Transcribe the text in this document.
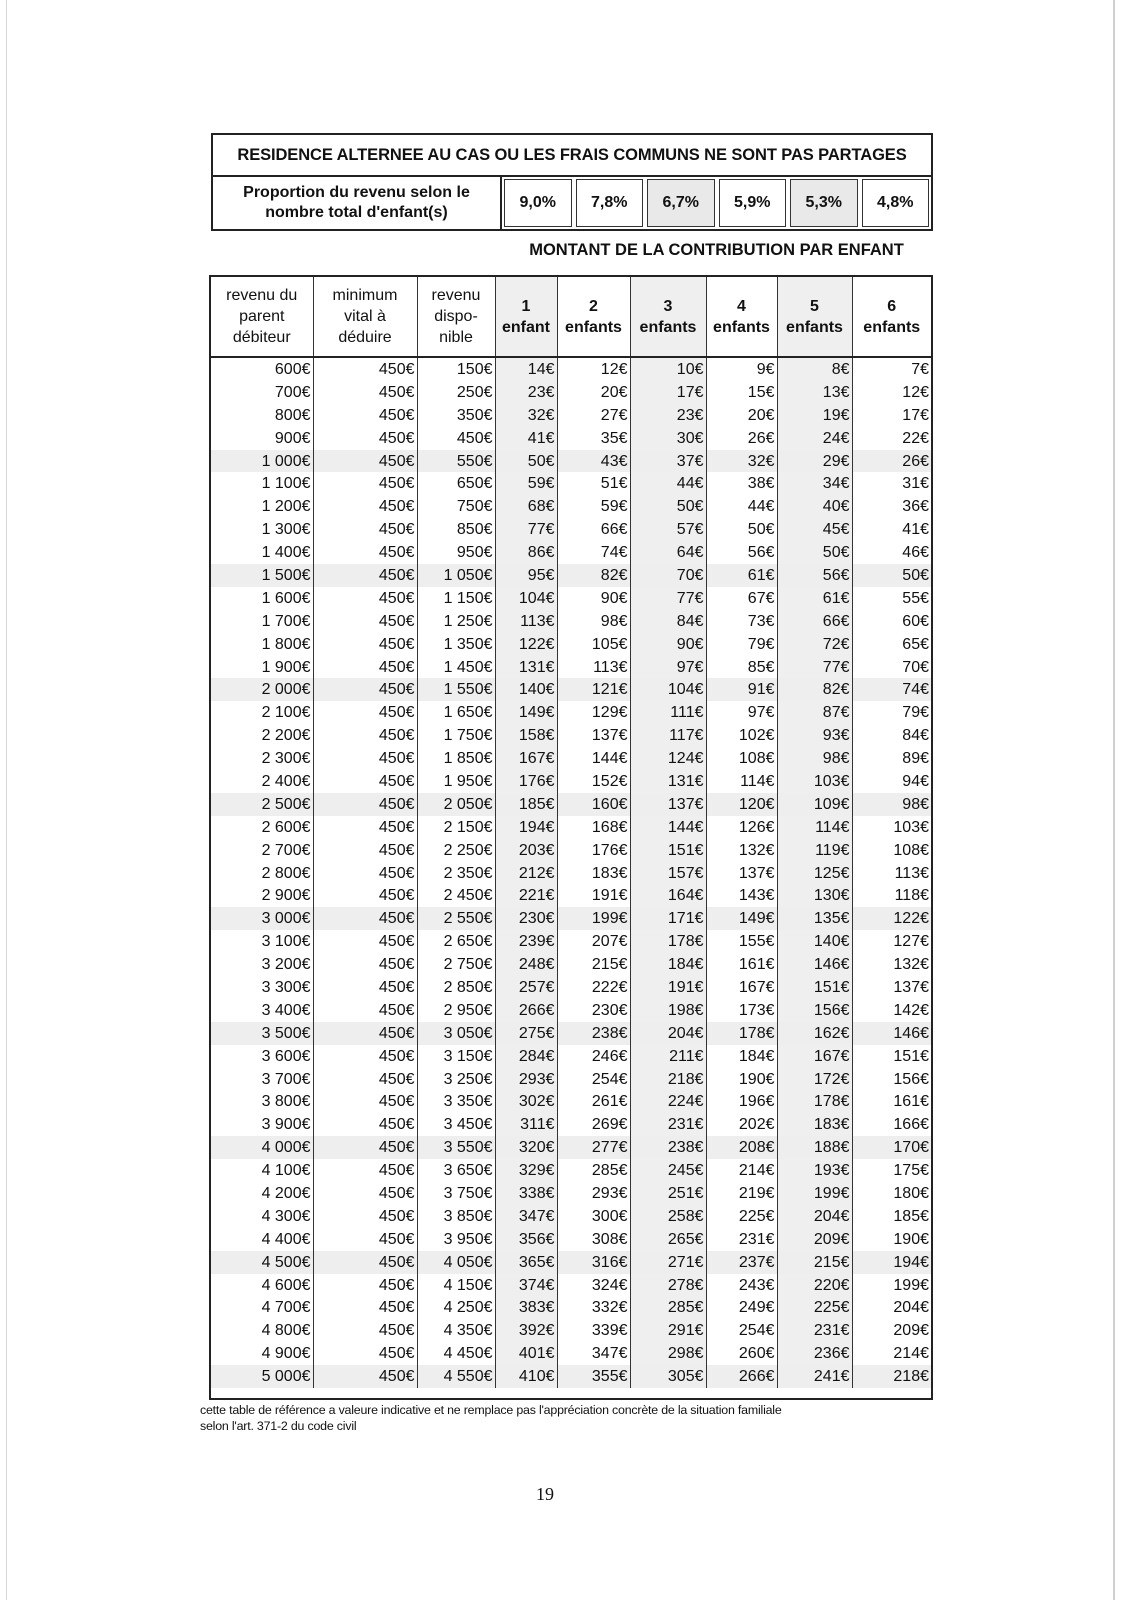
RESIDENCE ALTERNEE AU CAS OU LES FRAIS COMMUNS NE SONT PAS PARTAGES
Proportion du revenu selon le
nombre total d'enfant(s)
9,0%	7,8%	6,7%	5,9%	5,3%	4,8%
MONTANT DE LA CONTRIBUTION PAR ENFANT
revenu du
parent
débiteur	minimum
vital à
déduire	revenu
dispo-
nible	1
enfant	2
enfants	3
enfants	4
enfants	5
enfants	6
enfants

600€	450€	150€	14€	12€	10€	9€	8€	7€
700€	450€	250€	23€	20€	17€	15€	13€	12€
800€	450€	350€	32€	27€	23€	20€	19€	17€
900€	450€	450€	41€	35€	30€	26€	24€	22€
1 000€	450€	550€	50€	43€	37€	32€	29€	26€
1 100€	450€	650€	59€	51€	44€	38€	34€	31€
1 200€	450€	750€	68€	59€	50€	44€	40€	36€
1 300€	450€	850€	77€	66€	57€	50€	45€	41€
1 400€	450€	950€	86€	74€	64€	56€	50€	46€
1 500€	450€	1 050€	95€	82€	70€	61€	56€	50€
1 600€	450€	1 150€	104€	90€	77€	67€	61€	55€
1 700€	450€	1 250€	113€	98€	84€	73€	66€	60€
1 800€	450€	1 350€	122€	105€	90€	79€	72€	65€
1 900€	450€	1 450€	131€	113€	97€	85€	77€	70€
2 000€	450€	1 550€	140€	121€	104€	91€	82€	74€
2 100€	450€	1 650€	149€	129€	111€	97€	87€	79€
2 200€	450€	1 750€	158€	137€	117€	102€	93€	84€
2 300€	450€	1 850€	167€	144€	124€	108€	98€	89€
2 400€	450€	1 950€	176€	152€	131€	114€	103€	94€
2 500€	450€	2 050€	185€	160€	137€	120€	109€	98€
2 600€	450€	2 150€	194€	168€	144€	126€	114€	103€
2 700€	450€	2 250€	203€	176€	151€	132€	119€	108€
2 800€	450€	2 350€	212€	183€	157€	137€	125€	113€
2 900€	450€	2 450€	221€	191€	164€	143€	130€	118€
3 000€	450€	2 550€	230€	199€	171€	149€	135€	122€
3 100€	450€	2 650€	239€	207€	178€	155€	140€	127€
3 200€	450€	2 750€	248€	215€	184€	161€	146€	132€
3 300€	450€	2 850€	257€	222€	191€	167€	151€	137€
3 400€	450€	2 950€	266€	230€	198€	173€	156€	142€
3 500€	450€	3 050€	275€	238€	204€	178€	162€	146€
3 600€	450€	3 150€	284€	246€	211€	184€	167€	151€
3 700€	450€	3 250€	293€	254€	218€	190€	172€	156€
3 800€	450€	3 350€	302€	261€	224€	196€	178€	161€
3 900€	450€	3 450€	311€	269€	231€	202€	183€	166€
4 000€	450€	3 550€	320€	277€	238€	208€	188€	170€
4 100€	450€	3 650€	329€	285€	245€	214€	193€	175€
4 200€	450€	3 750€	338€	293€	251€	219€	199€	180€
4 300€	450€	3 850€	347€	300€	258€	225€	204€	185€
4 400€	450€	3 950€	356€	308€	265€	231€	209€	190€
4 500€	450€	4 050€	365€	316€	271€	237€	215€	194€
4 600€	450€	4 150€	374€	324€	278€	243€	220€	199€
4 700€	450€	4 250€	383€	332€	285€	249€	225€	204€
4 800€	450€	4 350€	392€	339€	291€	254€	231€	209€
4 900€	450€	4 450€	401€	347€	298€	260€	236€	214€
5 000€	450€	4 550€	410€	355€	305€	266€	241€	218€
cette table de référence a valeure indicative et ne remplace pas l'appréciation concrète de la situation familiale
selon l'art. 371-2 du code civil
19
